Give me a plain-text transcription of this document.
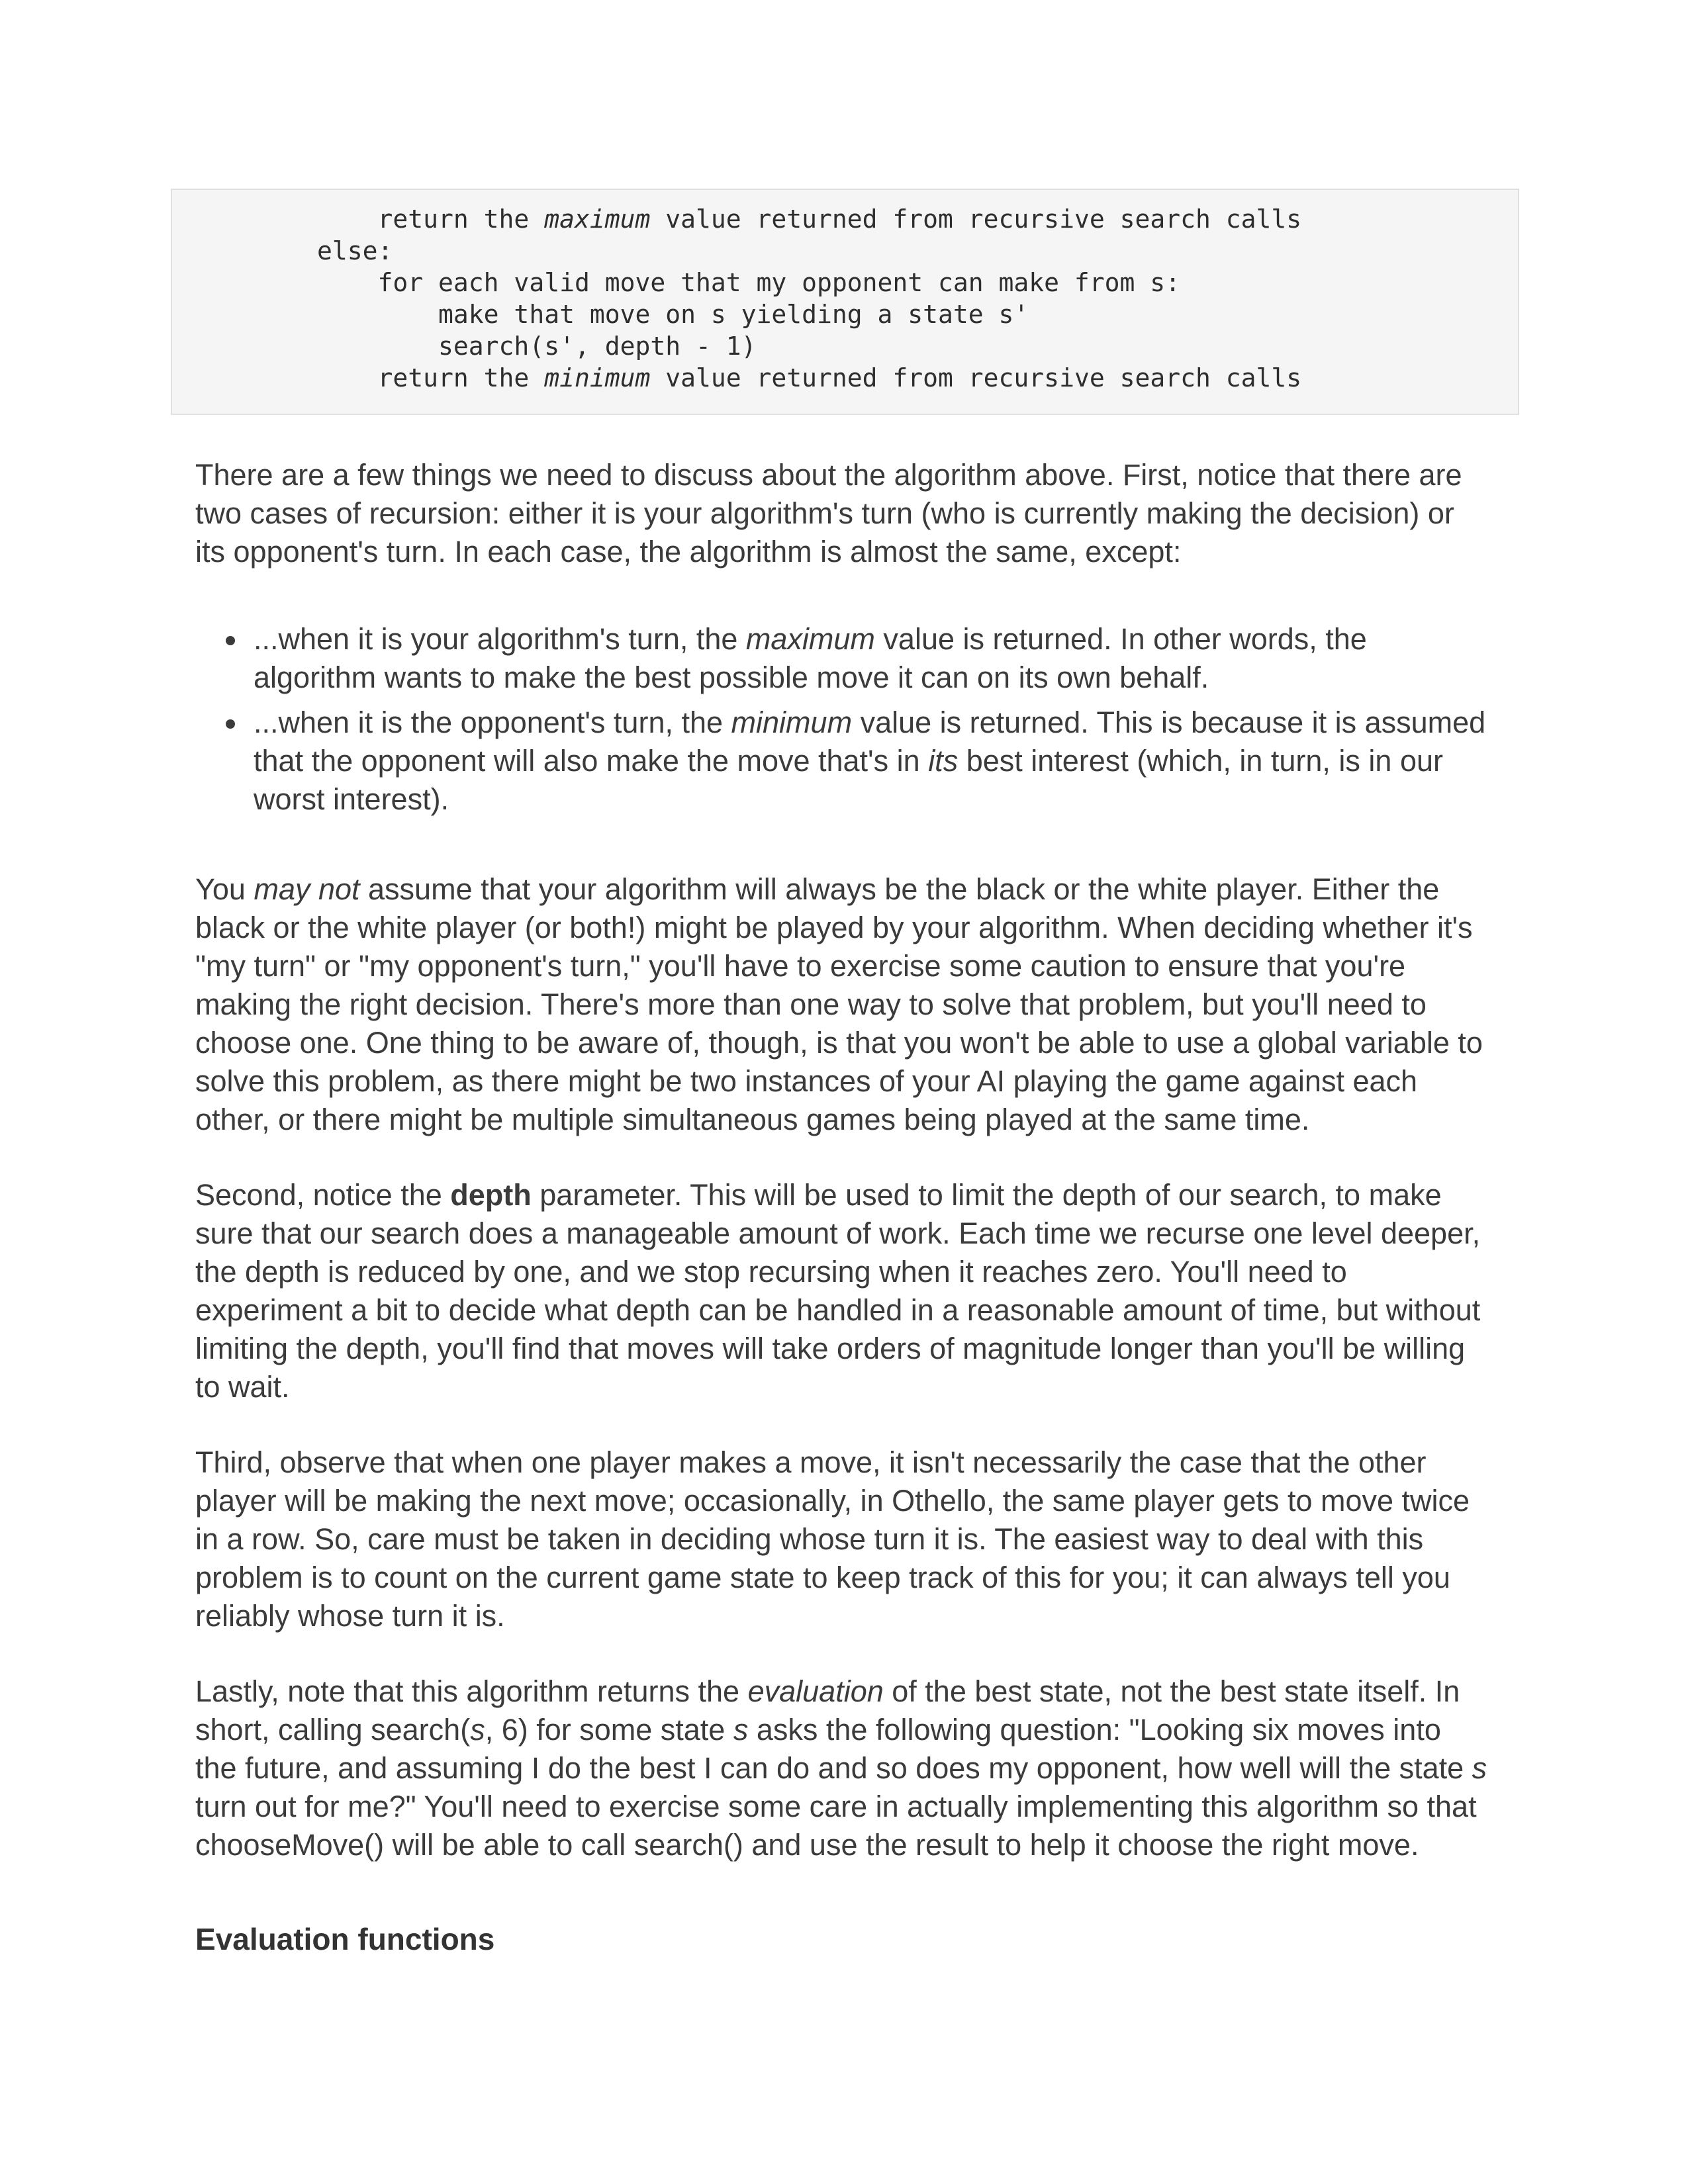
return the maximum value returned from recursive search calls
else:
for each valid move that my opponent can make from s:
make that move on s yielding a state s'
search(s', depth - 1)
return the minimum value returned from recursive search calls

There are a few things we need to discuss about the algorithm above. First, notice that there are two cases of recursion: either it is your algorithm's turn (who is currently making the decision) or its opponent's turn. In each case, the algorithm is almost the same, except:

• ...when it is your algorithm's turn, the maximum value is returned. In other words, the algorithm wants to make the best possible move it can on its own behalf.
• ...when it is the opponent's turn, the minimum value is returned. This is because it is assumed that the opponent will also make the move that's in its best interest (which, in turn, is in our worst interest).

You may not assume that your algorithm will always be the black or the white player. Either the black or the white player (or both!) might be played by your algorithm. When deciding whether it's "my turn" or "my opponent's turn," you'll have to exercise some caution to ensure that you're making the right decision. There's more than one way to solve that problem, but you'll need to choose one. One thing to be aware of, though, is that you won't be able to use a global variable to solve this problem, as there might be two instances of your AI playing the game against each other, or there might be multiple simultaneous games being played at the same time.

Second, notice the depth parameter. This will be used to limit the depth of our search, to make sure that our search does a manageable amount of work. Each time we recurse one level deeper, the depth is reduced by one, and we stop recursing when it reaches zero. You'll need to experiment a bit to decide what depth can be handled in a reasonable amount of time, but without limiting the depth, you'll find that moves will take orders of magnitude longer than you'll be willing to wait.

Third, observe that when one player makes a move, it isn't necessarily the case that the other player will be making the next move; occasionally, in Othello, the same player gets to move twice in a row. So, care must be taken in deciding whose turn it is. The easiest way to deal with this problem is to count on the current game state to keep track of this for you; it can always tell you reliably whose turn it is.

Lastly, note that this algorithm returns the evaluation of the best state, not the best state itself. In short, calling search(s, 6) for some state s asks the following question: "Looking six moves into the future, and assuming I do the best I can do and so does my opponent, how well will the state s turn out for me?" You'll need to exercise some care in actually implementing this algorithm so that chooseMove() will be able to call search() and use the result to help it choose the right move.

Evaluation functions
